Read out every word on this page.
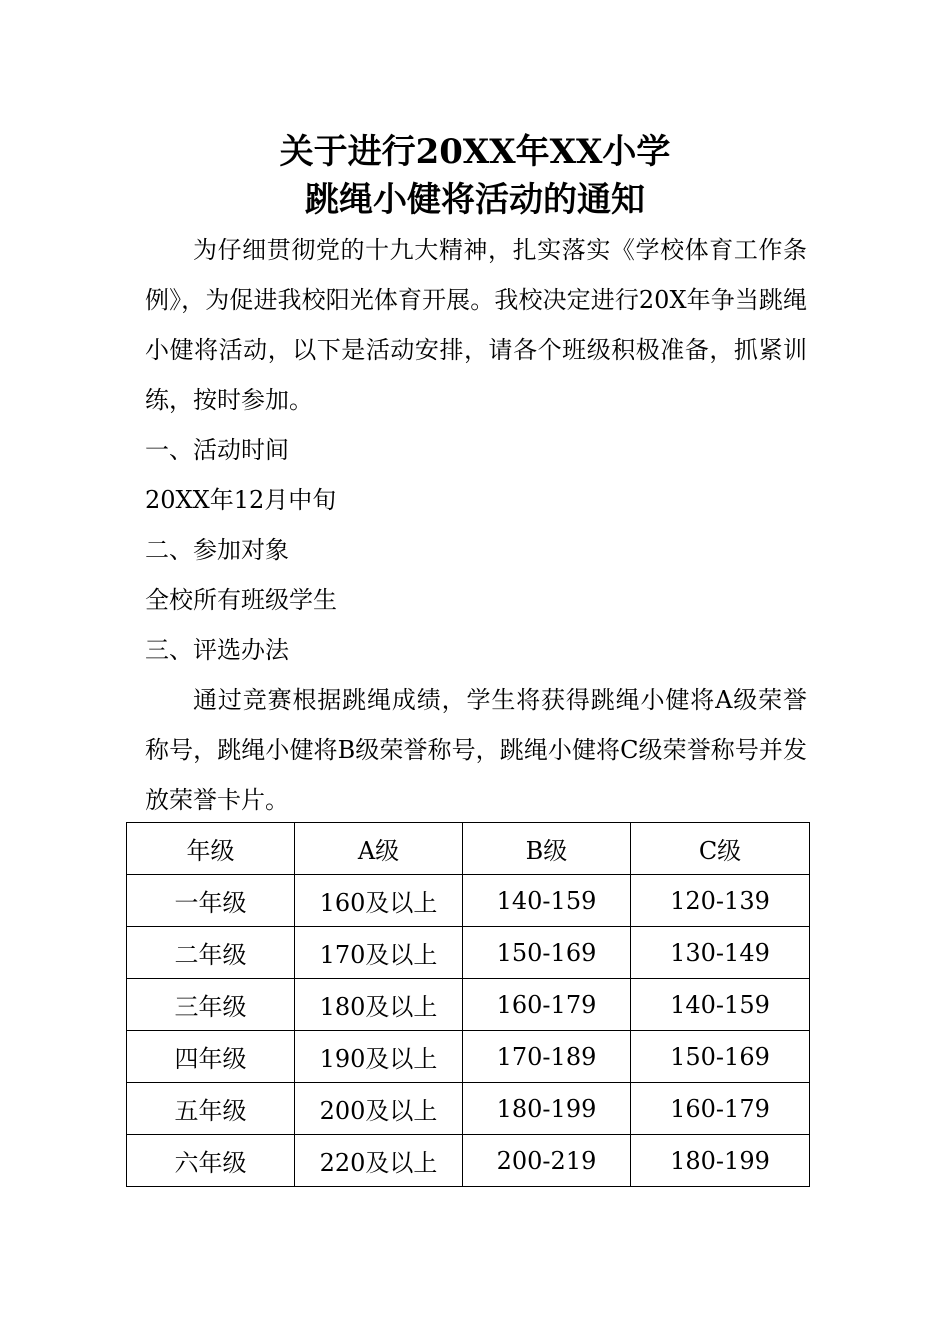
关于进行20XX年XX小学
跳绳小健将活动的通知
为仔细贯彻党的十九大精神，扎实落实《学校体育工作条例》，为促进我校阳光体育开展。我校决定进行20X年争当跳绳小健将活动，以下是活动安排，请各个班级积极准备，抓紧训练，按时参加。
一、活动时间
20XX年12月中旬
二、参加对象
全校所有班级学生
三、评选办法
通过竞赛根据跳绳成绩，学生将获得跳绳小健将A级荣誉称号，跳绳小健将B级荣誉称号，跳绳小健将C级荣誉称号并发放荣誉卡片。
年级	A级	B级	C级
一年级	160及以上	140-159	120-139
二年级	170及以上	150-169	130-149
三年级	180及以上	160-179	140-159
四年级	190及以上	170-189	150-169
五年级	200及以上	180-199	160-179
六年级	220及以上	200-219	180-199
